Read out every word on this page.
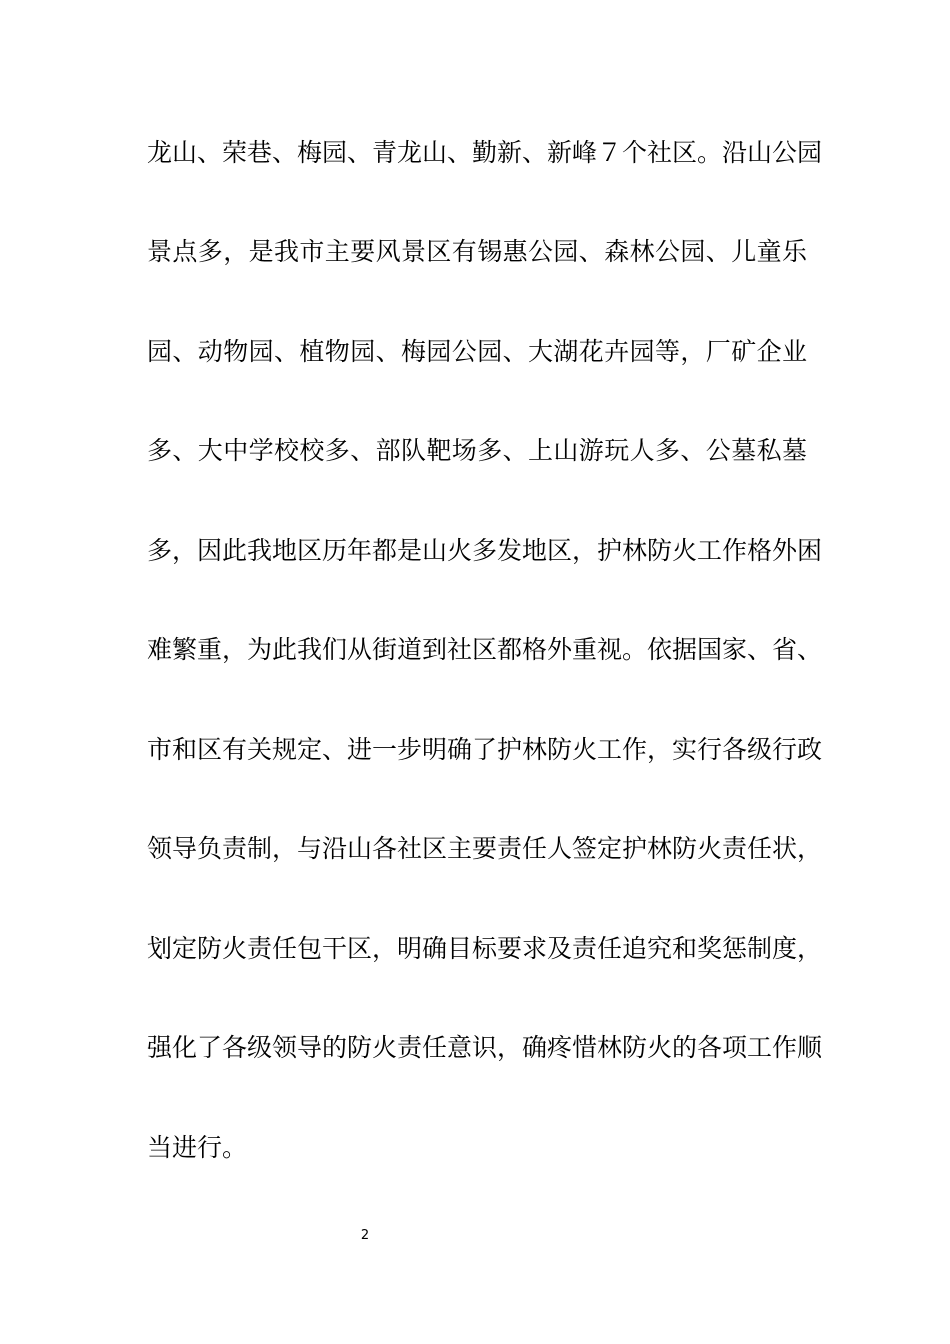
龙山、荣巷、梅园、青龙山、勤新、新峰７个社区。沿山公园
景点多，是我市主要风景区有锡惠公园、森林公园、儿童乐
园、动物园、植物园、梅园公园、大湖花卉园等，厂矿企业
多、大中学校校多、部队靶场多、上山游玩人多、公墓私墓
多，因此我地区历年都是山火多发地区，护林防火工作格外困
难繁重，为此我们从街道到社区都格外重视。依据国家、省、
市和区有关规定、进一步明确了护林防火工作，实行各级行政
领导负责制，与沿山各社区主要责任人签定护林防火责任状，
划定防火责任包干区，明确目标要求及责任追究和奖惩制度，
强化了各级领导的防火责任意识，确疼惜林防火的各项工作顺
当进行。
2
